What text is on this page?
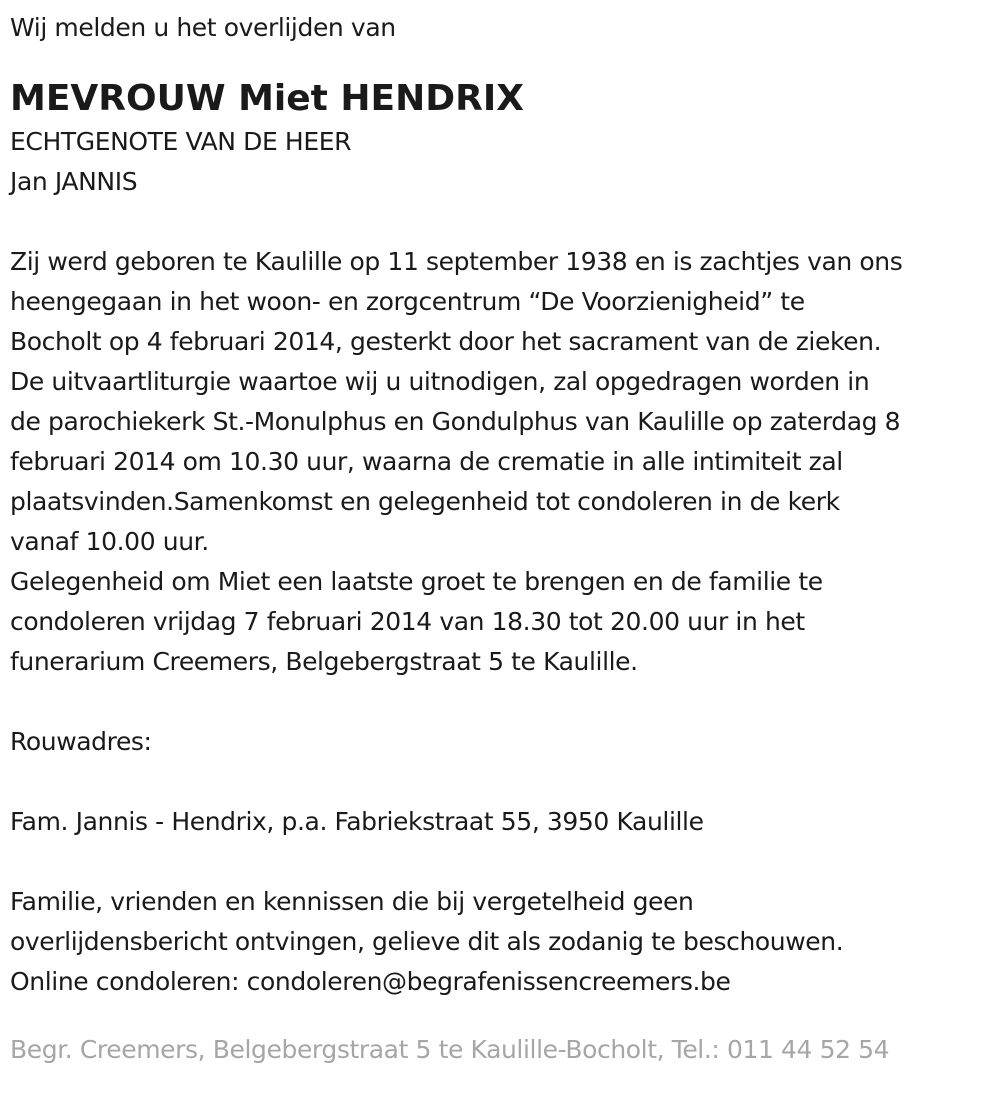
Wij melden u het overlijden van
MEVROUW Miet HENDRIX
ECHTGENOTE VAN DE HEER
Jan JANNIS
Zij werd geboren te Kaulille op 11 september 1938 en is zachtjes van ons
heengegaan in het woon- en zorgcentrum “De Voorzienigheid” te
Bocholt op 4 februari 2014, gesterkt door het sacrament van de zieken.
De uitvaartliturgie waartoe wij u uitnodigen, zal opgedragen worden in
de parochiekerk St.-Monulphus en Gondulphus van Kaulille op zaterdag 8
februari 2014 om 10.30 uur, waarna de crematie in alle intimiteit zal
plaatsvinden.Samenkomst en gelegenheid tot condoleren in de kerk
vanaf 10.00 uur.
Gelegenheid om Miet een laatste groet te brengen en de familie te
condoleren vrijdag 7 februari 2014 van 18.30 tot 20.00 uur in het
funerarium Creemers, Belgebergstraat 5 te Kaulille.
Rouwadres:
Fam. Jannis - Hendrix, p.a. Fabriekstraat 55, 3950 Kaulille
Familie, vrienden en kennissen die bij vergetelheid geen
overlijdensbericht ontvingen, gelieve dit als zodanig te beschouwen.
Online condoleren: condoleren@begrafenissencreemers.be
Begr. Creemers, Belgebergstraat 5 te Kaulille-Bocholt, Tel.: 011 44 52 54
